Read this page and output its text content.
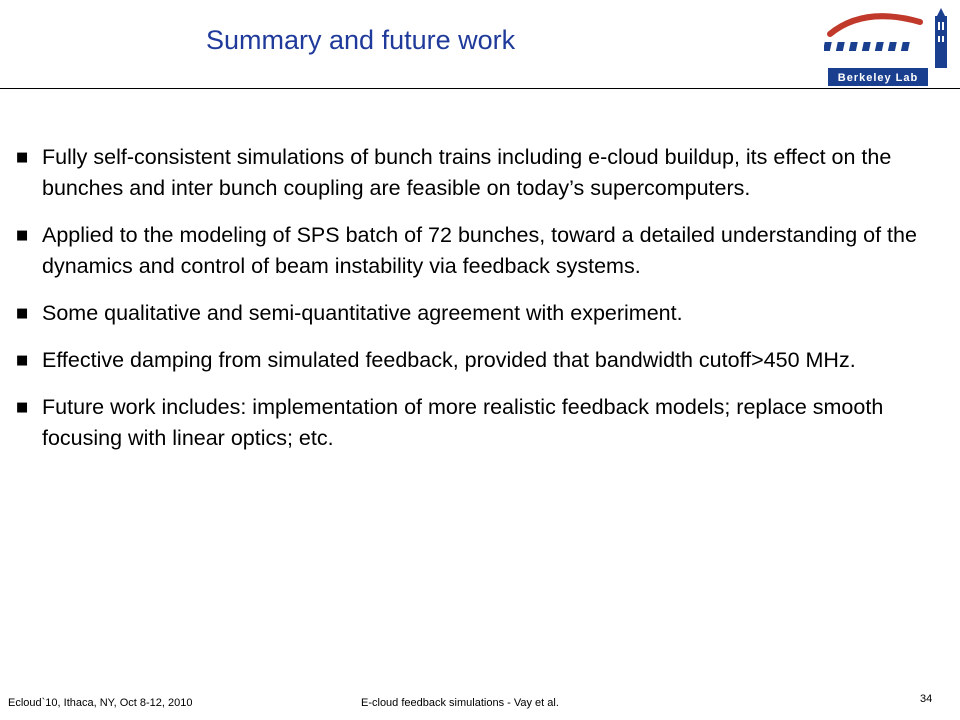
Summary and future work
Berkeley Lab
■ Fully self-consistent simulations of bunch trains including e-cloud buildup, its effect on the bunches and inter bunch coupling are feasible on today’s supercomputers.
■ Applied to the modeling of SPS batch of 72 bunches, toward a detailed understanding of the dynamics and control of beam instability via feedback systems.
■ Some qualitative and semi-quantitative agreement with experiment.
■ Effective damping from simulated feedback, provided that bandwidth cutoff>450 MHz.
■ Future work includes: implementation of more realistic feedback models; replace smooth focusing with linear optics; etc.
Ecloud`10, Ithaca, NY, Oct 8-12, 2010	E-cloud feedback simulations - Vay et al.	34
